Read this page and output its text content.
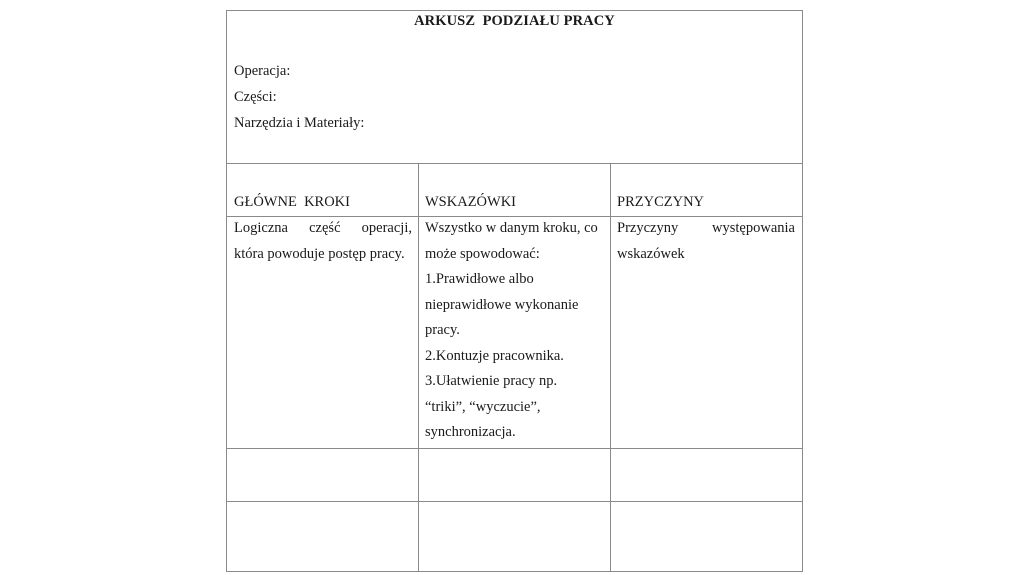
ARKUSZ  PODZIAŁU PRACY
Operacja:
Części:
Narzędzia i Materiały:
GŁÓWNE  KROKI	WSKAZÓWKI	PRZYCZYNY
Logiczna część operacji,
która powoduje postęp pracy.
Wszystko w danym kroku, co
może spowodować:
1.Prawidłowe albo
nieprawidłowe wykonanie
pracy.
2.Kontuzje pracownika.
3.Ułatwienie pracy np.
“triki”, “wyczucie”,
synchronizacja.
Przyczyny występowania
wskazówek
